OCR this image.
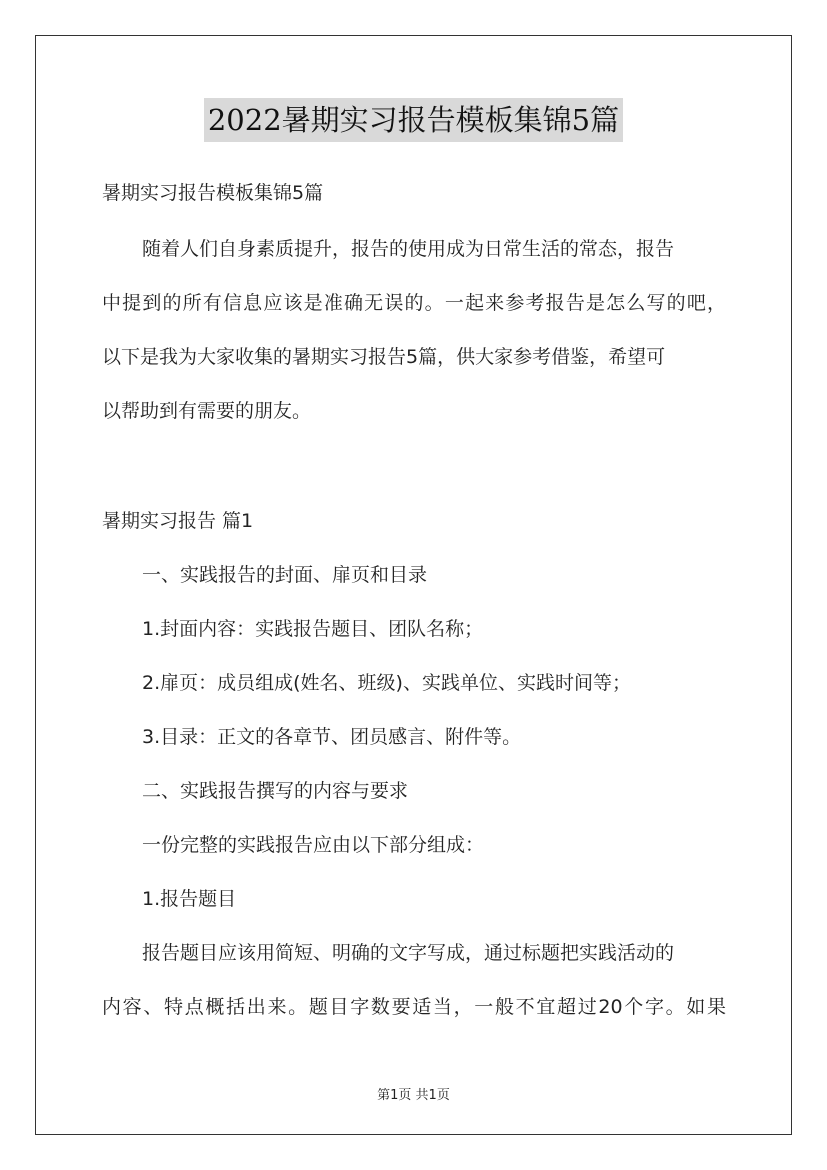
2022暑期实习报告模板集锦5篇
暑期实习报告模板集锦5篇
随着人们自身素质提升，报告的使用成为日常生活的常态，报告
中提到的所有信息应该是准确无误的。一起来参考报告是怎么写的吧，
以下是我为大家收集的暑期实习报告5篇，供大家参考借鉴，希望可
以帮助到有需要的朋友。
暑期实习报告 篇1
一、实践报告的封面、扉页和目录
1.封面内容：实践报告题目、团队名称；
2.扉页：成员组成(姓名、班级)、实践单位、实践时间等；
3.目录：正文的各章节、团员感言、附件等。
二、实践报告撰写的内容与要求
一份完整的实践报告应由以下部分组成：
1.报告题目
报告题目应该用简短、明确的文字写成，通过标题把实践活动的
内容、特点概括出来。题目字数要适当，一般不宜超过20个字。如果
第1页 共1页
